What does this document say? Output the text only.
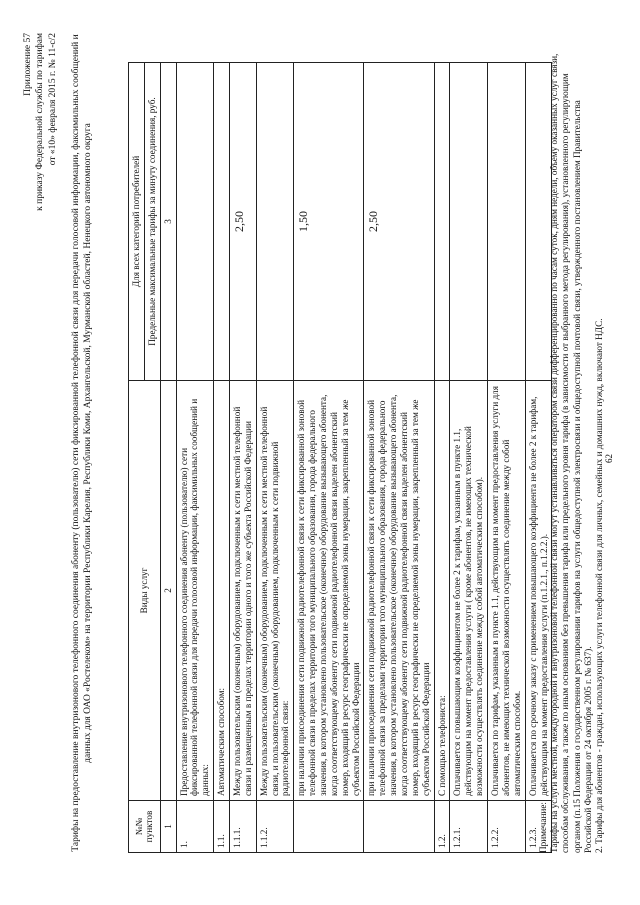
Приложение 57 к приказу Федеральной службы по тарифам от «10» февраля 2015 г. № 11-с/2 Тарифы на предоставление внутризонового телефонного соединения абоненту (пользователю) сети фиксированной телефонной связи для передачи голосовой информации, факсимильных сообщений и данных для ОАО «Ростелеком» на территории Республики Карелия, Республики Коми, Архангельской, Мурманской областей, Ненецкого автономного округа
№№ пунктов	Виды услуг	Для всех категорий потребителей
		Предельные максимальные тарифы за минуту соединения, руб.
1	2	3
1.	Предоставление внутризонового телефонного соединения абоненту (пользователю) сети фиксированной телефонной связи для передачи голосовой информации, факсимильных сообщений и данных:	
1.1.	Автоматическим способом:	
1.1.1.	Между пользовательским (оконечным) оборудованием, подключенным к сети местной телефонной связи и размещенным в пределах территории одного и того же субъекта Российской Федерации	2,50
1.1.2.	Между пользовательским (оконечным) оборудованием, подключенным к сети местной телефонной связи, и пользовательским (оконечным) оборудованием, подключенным к сети подвижной радиотелефонной связи:	
	при наличии присоединения сети подвижной радиотелефонной связи к сети фиксированной зоновой телефонной связи в пределах территории того муниципального образования, города федерального значения, в котором установлено пользовательское (оконечное) оборудование вызывающего абонента, когда соответствующему абоненту сети подвижной радиотелефонной связи выделен абонентский номер, входящий в ресурс географически не определяемой зоны нумерации, закрепленный за тем же субъектом Российской Федерации	1,50
	при наличии присоединения сети подвижной радиотелефонной связи к сети фиксированной зоновой телефонной связи за пределами территории того муниципального образования, города федерального значения, в котором установлено пользовательское (оконечное) оборудование вызывающего абонента, когда соответствующему абоненту сети подвижной радиотелефонной связи выделен абонентский номер, входящий в ресурс географически не определяемой зоны нумерации, закрепленный за тем же субъектом Российской Федерации	2,50
1.2.	С помощью телефониста:	
1.2.1.	Оплачивается с повышающим коэффициентом не более 2 к тарифам, указанным в пункте 1.1, действующим на момент предоставления услуги ( кроме абонентов, не имеющих технической возможности осуществлять соединение между собой автоматическим способом).	
1.2.2.	Оплачивается по тарифам, указанным в пункте 1.1, действующим на момент предоставления услуги для абонентов, не имеющих технической возможности осуществлять соединение между собой автоматическим способом.	
1.2.3.	Оплачивается по срочному заказу с применением повышающего коэффициента не более 2 к тарифам, действующим на момент предоставления услуги (п.1.2.1., п.1.2.2.).	

Примечание: Тарифы на услуги местной, междугородной и внутризоновой телефонной связи могут устанавливаться оператором связи дифференцированно по часам суток, дням недели, объему оказанных услуг связи, способам обслуживания, а также по иным основаниям без превышения тарифа или предельного уровня тарифа (в зависимости от выбранного метода регулирования), установленного регулирующим органом (п.15 Положения о государственном регулировании тарифов на услуги общедоступной электросвязи и общедоступной почтовой связи, утвержденного постановлением Правительства Российской Федерации от 24 октября 2005 г. № 637). 2. Тарифы для абонентов - граждан, использующих услуги телефонной связи для личных, семейных и домашних нужд, включают НДС. 62
